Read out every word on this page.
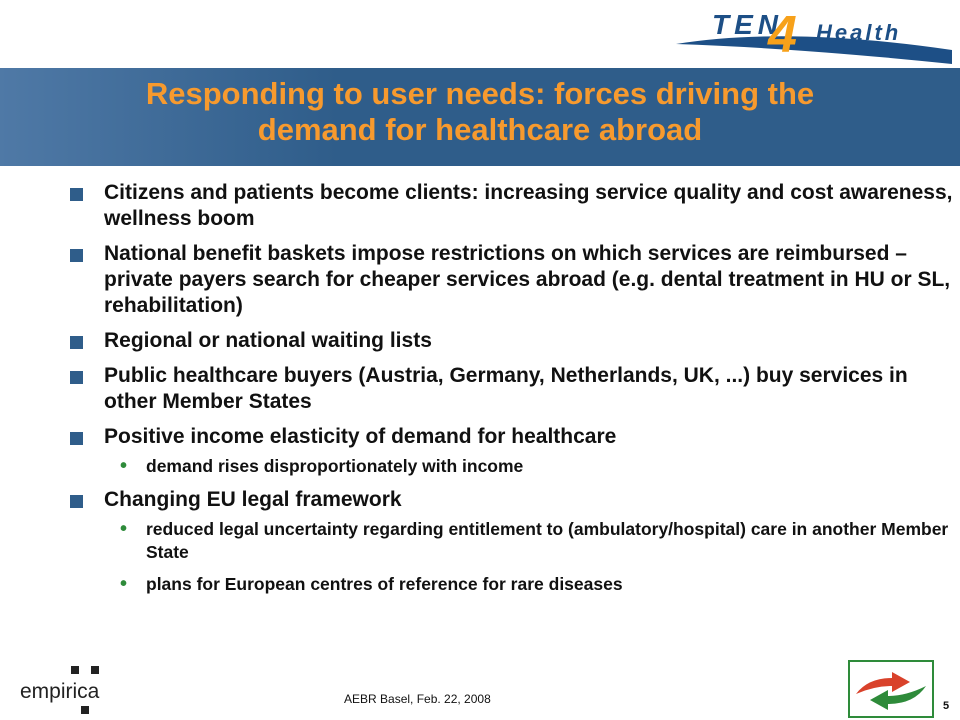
TEN
4 Health
Responding to user needs: forces driving the
demand for healthcare abroad
Citizens and patients become clients: increasing service quality and cost awareness, wellness boom
National benefit baskets impose restrictions on which services are reimbursed – private payers search for cheaper services abroad (e.g. dental treatment in HU or SL, rehabilitation)
Regional or national waiting lists
Public healthcare buyers (Austria, Germany, Netherlands, UK, ...) buy services in other Member States
Positive income elasticity of demand for healthcare
• demand rises disproportionately with income
Changing EU legal framework
• reduced legal uncertainty regarding entitlement to (ambulatory/hospital) care in another Member State
• plans for European centres of reference for rare diseases
empirica	AEBR Basel, Feb. 22, 2008	5
